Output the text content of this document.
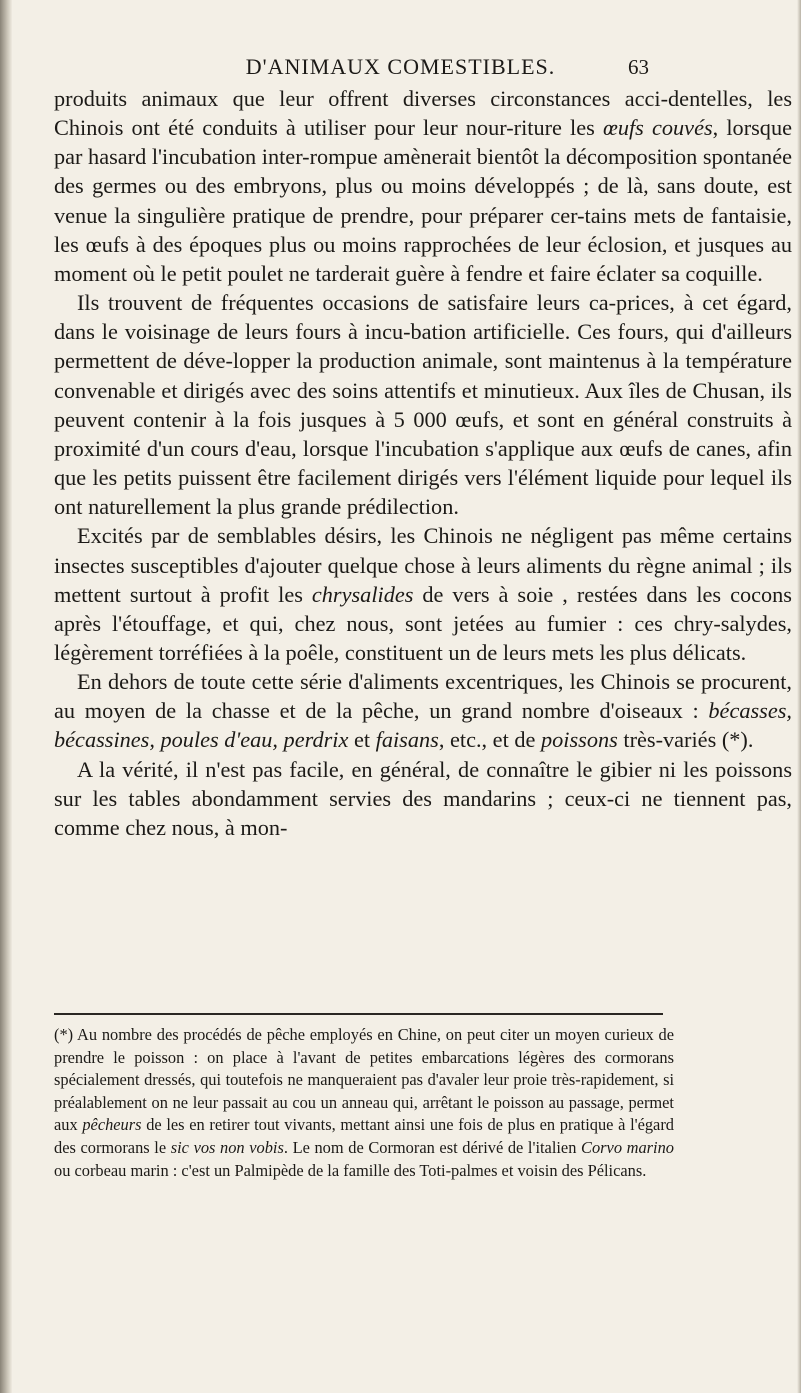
D'ANIMAUX COMESTIBLES.	63

produits animaux que leur offrent diverses circonstances acci-dentelles, les Chinois ont été conduits à utiliser pour leur nour-riture les œufs couvés, lorsque par hasard l'incubation inter-rompue amènerait bientôt la décomposition spontanée des germes ou des embryons, plus ou moins développés ; de là, sans doute, est venue la singulière pratique de prendre, pour préparer cer-tains mets de fantaisie, les œufs à des époques plus ou moins rapprochées de leur éclosion, et jusques au moment où le petit poulet ne tarderait guère à fendre et faire éclater sa coquille.

Ils trouvent de fréquentes occasions de satisfaire leurs ca-prices, à cet égard, dans le voisinage de leurs fours à incu-bation artificielle. Ces fours, qui d'ailleurs permettent de déve-lopper la production animale, sont maintenus à la température convenable et dirigés avec des soins attentifs et minutieux. Aux îles de Chusan, ils peuvent contenir à la fois jusques à 5 000 œufs, et sont en général construits à proximité d'un cours d'eau, lorsque l'incubation s'applique aux œufs de canes, afin que les petits puissent être facilement dirigés vers l'élément liquide pour lequel ils ont naturellement la plus grande prédilection.

Excités par de semblables désirs, les Chinois ne négligent pas même certains insectes susceptibles d'ajouter quelque chose à leurs aliments du règne animal ; ils mettent surtout à profit les chrysalides de vers à soie , restées dans les cocons après l'étouffage, et qui, chez nous, sont jetées au fumier : ces chry-salydes, légèrement torréfiées à la poêle, constituent un de leurs mets les plus délicats.

En dehors de toute cette série d'aliments excentriques, les Chinois se procurent, au moyen de la chasse et de la pêche, un grand nombre d'oiseaux : bécasses, bécassines, poules d'eau, perdrix et faisans, etc., et de poissons très-variés (*).

A la vérité, il n'est pas facile, en général, de connaître le gibier ni les poissons sur les tables abondamment servies des mandarins ; ceux-ci ne tiennent pas, comme chez nous, à mon-

(*) Au nombre des procédés de pêche employés en Chine, on peut citer un moyen curieux de prendre le poisson : on place à l'avant de petites embarcations légères des cormorans spécialement dressés, qui toutefois ne manqueraient pas d'avaler leur proie très-rapidement, si préalablement on ne leur passait au cou un anneau qui, arrêtant le poisson au passage, permet aux pêcheurs de les en retirer tout vivants, mettant ainsi une fois de plus en pratique à l'égard des cormorans le sic vos non vobis. Le nom de Cormoran est dérivé de l'italien Corvo marino ou corbeau marin : c'est un Palmipède de la famille des Toti-palmes et voisin des Pélicans.
